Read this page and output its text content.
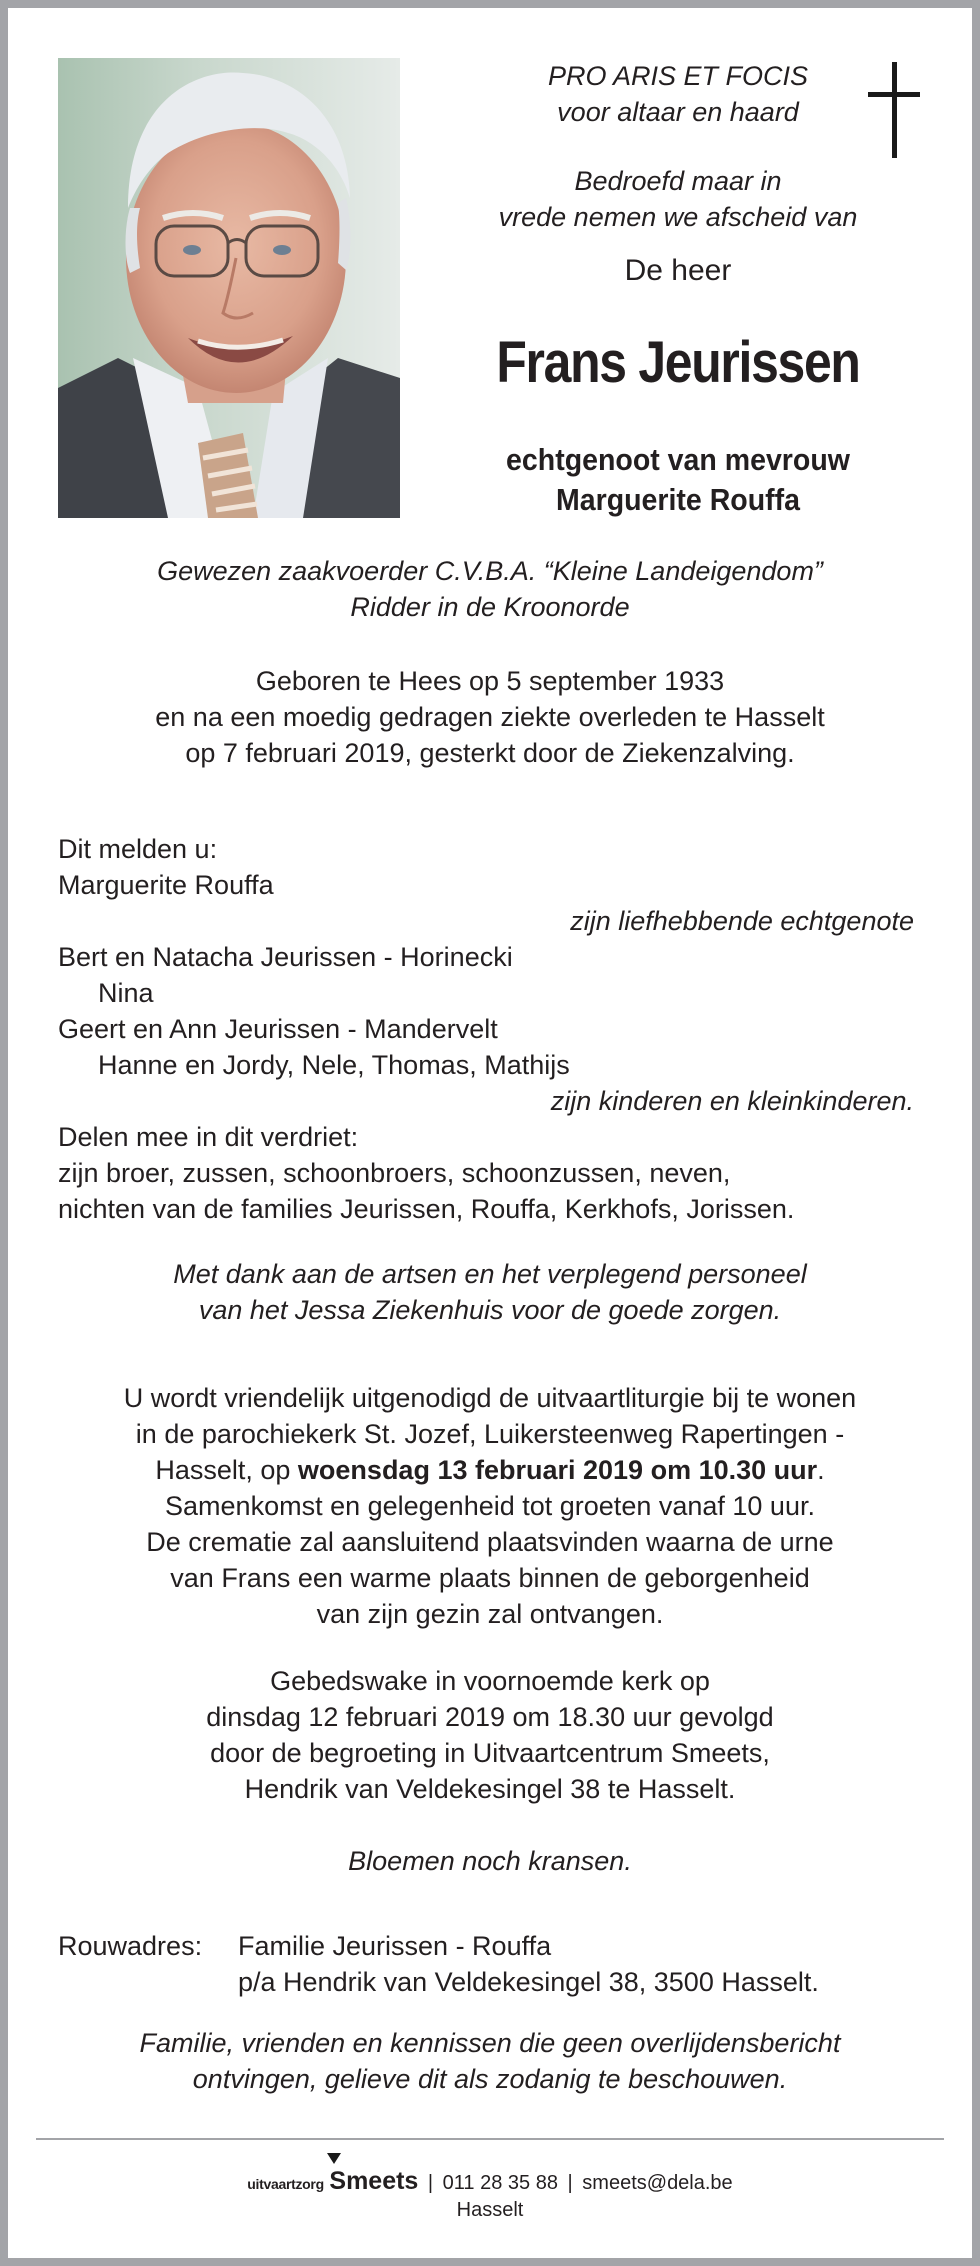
PRO ARIS ET FOCIS
voor altaar en haard
Bedroefd maar in
vrede nemen we afscheid van
De heer
Frans Jeurissen
echtgenoot van mevrouw
Marguerite Rouffa
Gewezen zaakvoerder C.V.B.A. “Kleine Landeigendom”
Ridder in de Kroonorde
Geboren te Hees op 5 september 1933
en na een moedig gedragen ziekte overleden te Hasselt
op 7 februari 2019, gesterkt door de Ziekenzalving.
Dit melden u:
Marguerite Rouffa
zijn liefhebbende echtgenote
Bert en Natacha Jeurissen - Horinecki
Nina
Geert en Ann Jeurissen - Mandervelt
Hanne en Jordy, Nele, Thomas, Mathijs
zijn kinderen en kleinkinderen.
Delen mee in dit verdriet:
zijn broer, zussen, schoonbroers, schoonzussen, neven,
nichten van de families Jeurissen, Rouffa, Kerkhofs, Jorissen.
Met dank aan de artsen en het verplegend personeel
van het Jessa Ziekenhuis voor de goede zorgen.
U wordt vriendelijk uitgenodigd de uitvaartliturgie bij te wonen
in de parochiekerk St. Jozef, Luikersteenweg Rapertingen -
Hasselt, op woensdag 13 februari 2019 om 10.30 uur.
Samenkomst en gelegenheid tot groeten vanaf 10 uur.
De crematie zal aansluitend plaatsvinden waarna de urne
van Frans een warme plaats binnen de geborgenheid
van zijn gezin zal ontvangen.
Gebedswake in voornoemde kerk op
dinsdag 12 februari 2019 om 18.30 uur gevolgd
door de begroeting in Uitvaartcentrum Smeets,
Hendrik van Veldekesingel 38 te Hasselt.
Bloemen noch kransen.
Rouwadres: Familie Jeurissen - Rouffa
p/a Hendrik van Veldekesingel 38, 3500 Hasselt.
Familie, vrienden en kennissen die geen overlijdensbericht
ontvingen, gelieve dit als zodanig te beschouwen.
uitvaartzorg Smeets | 011 28 35 88 | smeets@dela.be
Hasselt
